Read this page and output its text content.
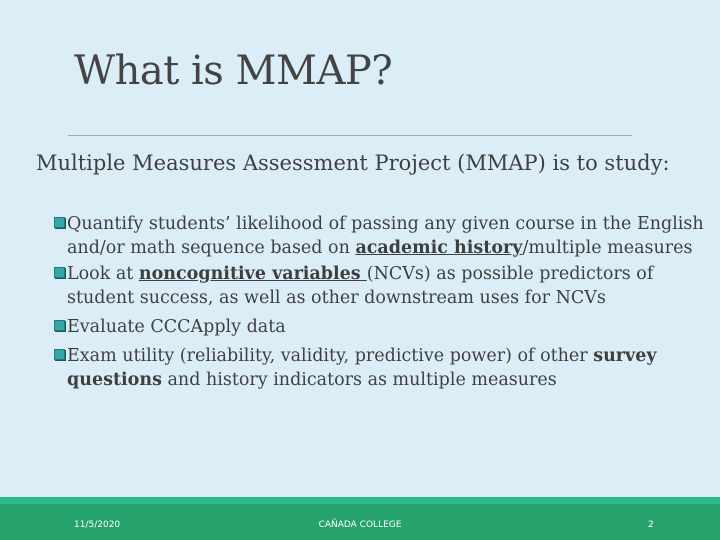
What is MMAP?

Multiple Measures Assessment Project (MMAP) is to study:

Quantify students’ likelihood of passing any given course in the English and/or math sequence based on academic history/multiple measures
Look at noncognitive variables (NCVs) as possible predictors of student success, as well as other downstream uses for NCVs
Evaluate CCCApply data
Exam utility (reliability, validity, predictive power) of other survey questions and history indicators as multiple measures
11/5/2020	CAÑADA COLLEGE	2
